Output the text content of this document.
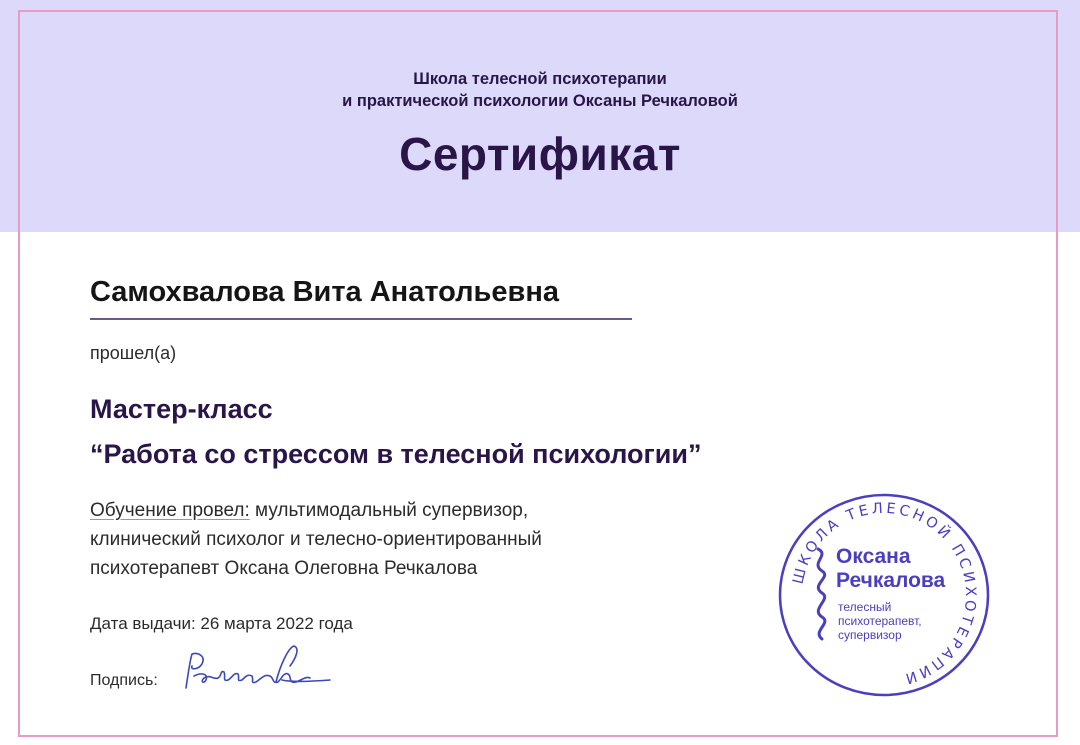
Школа телесной психотерапии
и практической психологии Оксаны Речкаловой
Сертификат
Самохвалова Вита Анатольевна
прошел(а)
Мастер-класс
“Работа со стрессом в телесной психологии”
Обучение провел: мультимодальный супервизор,
клинический психолог и телесно-ориентированный
психотерапевт Оксана Олеговна Речкалова
Дата выдачи: 26 марта 2022 года
Подпись:
ШКОЛА ТЕЛЕСНОЙ ПСИХОТЕРАПИИ
Оксана
Речкалова
телесный
психотерапевт,
супервизор
